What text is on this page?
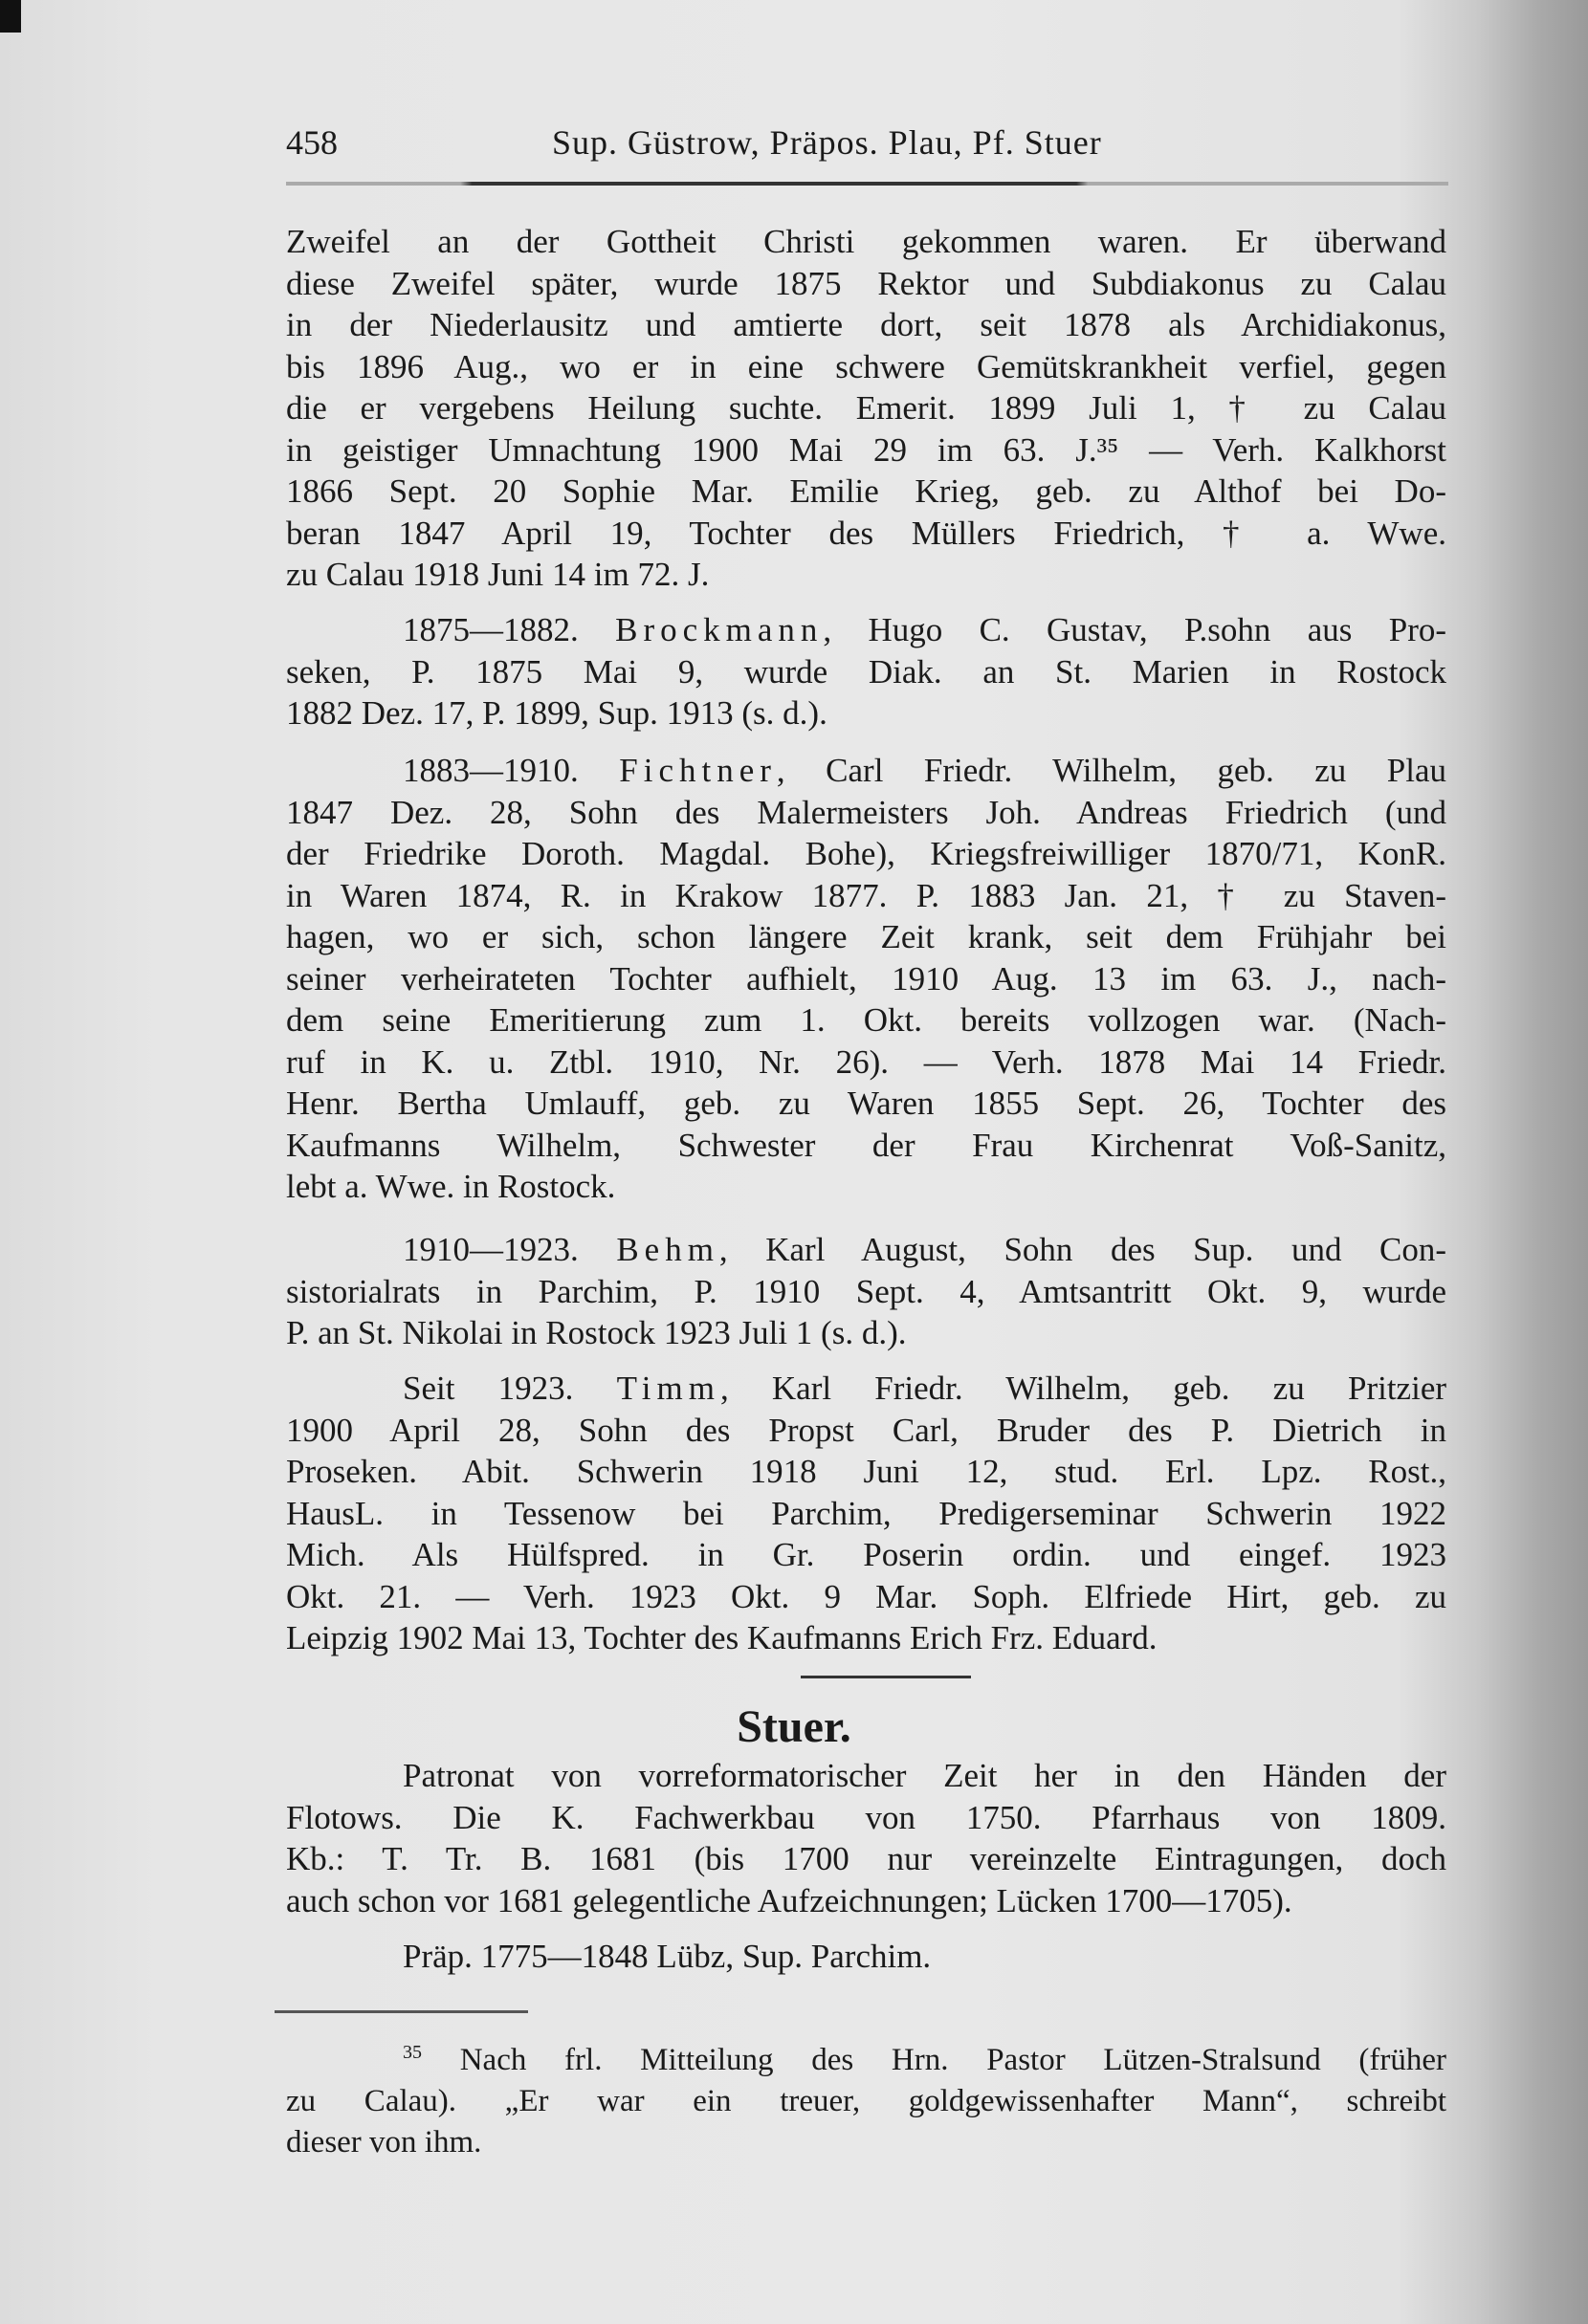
458	Sup. Güstrow, Präpos. Plau, Pf. Stuer
Zweifel an der Gottheit Christi gekommen waren. Er überwand
diese Zweifel später, wurde 1875 Rektor und Subdiakonus zu Calau
in der Niederlausitz und amtierte dort, seit 1878 als Archidiakonus,
bis 1896 Aug., wo er in eine schwere Gemütskrankheit verfiel, gegen
die er vergebens Heilung suchte. Emerit. 1899 Juli 1, † zu Calau
in geistiger Umnachtung 1900 Mai 29 im 63. J.³⁵ — Verh. Kalkhorst
1866 Sept. 20 Sophie Mar. Emilie Krieg, geb. zu Althof bei Do-
beran 1847 April 19, Tochter des Müllers Friedrich, † a. Wwe.
zu Calau 1918 Juni 14 im 72. J.
1875—1882. Brockmann, Hugo C. Gustav, P.sohn aus Pro-
seken, P. 1875 Mai 9, wurde Diak. an St. Marien in Rostock
1882 Dez. 17, P. 1899, Sup. 1913 (s. d.).
1883—1910. Fichtner, Carl Friedr. Wilhelm, geb. zu Plau
1847 Dez. 28, Sohn des Malermeisters Joh. Andreas Friedrich (und
der Friedrike Doroth. Magdal. Bohe), Kriegsfreiwilliger 1870/71, KonR.
in Waren 1874, R. in Krakow 1877. P. 1883 Jan. 21, † zu Staven-
hagen, wo er sich, schon längere Zeit krank, seit dem Frühjahr bei
seiner verheirateten Tochter aufhielt, 1910 Aug. 13 im 63. J., nach-
dem seine Emeritierung zum 1. Okt. bereits vollzogen war. (Nach-
ruf in K. u. Ztbl. 1910, Nr. 26). — Verh. 1878 Mai 14 Friedr.
Henr. Bertha Umlauff, geb. zu Waren 1855 Sept. 26, Tochter des
Kaufmanns Wilhelm, Schwester der Frau Kirchenrat Voß-Sanitz,
lebt a. Wwe. in Rostock.
1910—1923. Behm, Karl August, Sohn des Sup. und Con-
sistorialrats in Parchim, P. 1910 Sept. 4, Amtsantritt Okt. 9, wurde
P. an St. Nikolai in Rostock 1923 Juli 1 (s. d.).
Seit 1923. Timm, Karl Friedr. Wilhelm, geb. zu Pritzier
1900 April 28, Sohn des Propst Carl, Bruder des P. Dietrich in
Proseken. Abit. Schwerin 1918 Juni 12, stud. Erl. Lpz. Rost.,
HausL. in Tessenow bei Parchim, Predigerseminar Schwerin 1922
Mich. Als Hülfspred. in Gr. Poserin ordin. und eingef. 1923
Okt. 21. — Verh. 1923 Okt. 9 Mar. Soph. Elfriede Hirt, geb. zu
Leipzig 1902 Mai 13, Tochter des Kaufmanns Erich Frz. Eduard.
Stuer.
Patronat von vorreformatorischer Zeit her in den Händen der
Flotows. Die K. Fachwerkbau von 1750. Pfarrhaus von 1809.
Kb.: T. Tr. B. 1681 (bis 1700 nur vereinzelte Eintragungen, doch
auch schon vor 1681 gelegentliche Aufzeichnungen; Lücken 1700—1705).
Präp. 1775—1848 Lübz, Sup. Parchim.
$^{35}$ Nach frl. Mitteilung des Hrn. Pastor Lützen-Stralsund (früher
zu Calau). „Er war ein treuer, goldgewissenhafter Mann“, schreibt
dieser von ihm.
